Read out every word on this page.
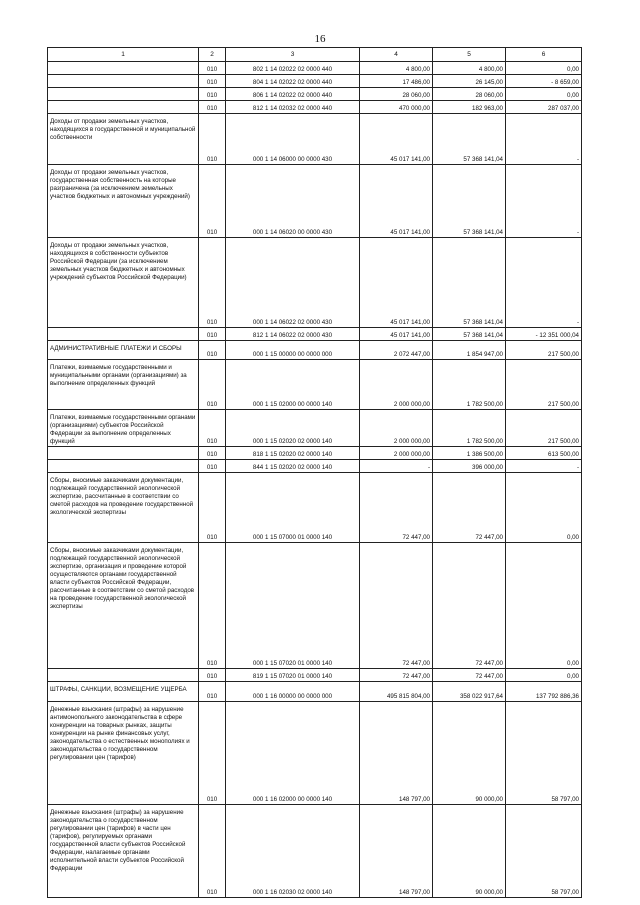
16
1	2	3	4	5	6
	010	802 1 14 02022 02 0000 440	4 800,00	4 800,00	0,00
	010	804 1 14 02022 02 0000 440	17 486,00	26 145,00	- 8 659,00
	010	806 1 14 02022 02 0000 440	28 060,00	28 060,00	0,00
	010	812 1 14 02032 02 0000 440	470 000,00	182 963,00	287 037,00
Доходы от продажи земельных участков, находящихся в государственной и муниципальной собственности	010	000 1 14 06000 00 0000 430	45 017 141,00	57 368 141,04	-
Доходы от продажи земельных участков, государственная собственность на которые разграничена (за исключением земельных участков бюджетных и автономных учреждений)	010	000 1 14 06020 00 0000 430	45 017 141,00	57 368 141,04	-
Доходы от продажи земельных участков, находящихся в собственности субъектов Российской Федерации (за исключением земельных участков бюджетных и автономных учреждений субъектов Российской Федерации)	010	000 1 14 06022 02 0000 430	45 017 141,00	57 368 141,04	-
	010	812 1 14 06022 02 0000 430	45 017 141,00	57 368 141,04	- 12 351 000,04
АДМИНИСТРАТИВНЫЕ ПЛАТЕЖИ И СБОРЫ	010	000 1 15 00000 00 0000 000	2 072 447,00	1 854 947,00	217 500,00
Платежи, взимаемые государственными и муниципальными органами (организациями) за выполнение определенных функций	010	000 1 15 02000 00 0000 140	2 000 000,00	1 782 500,00	217 500,00
Платежи, взимаемые государственными органами (организациями) субъектов Российской Федерации за выполнение определенных функций	010	000 1 15 02020 02 0000 140	2 000 000,00	1 782 500,00	217 500,00
	010	818 1 15 02020 02 0000 140	2 000 000,00	1 386 500,00	613 500,00
	010	844 1 15 02020 02 0000 140	-	396 000,00	-
Сборы, вносимые заказчиками документации, подлежащей государственной экологической экспертизе, рассчитанные в соответствии со сметой расходов на проведение государственной экологической экспертизы	010	000 1 15 07000 01 0000 140	72 447,00	72 447,00	0,00
Сборы, вносимые заказчиками документации, подлежащей государственной экологической экспертизе, организация и проведение которой осуществляются органами государственной власти субъектов Российской Федерации, рассчитанные в соответствии со сметой расходов на проведение государственной экологической экспертизы	010	000 1 15 07020 01 0000 140	72 447,00	72 447,00	0,00
	010	819 1 15 07020 01 0000 140	72 447,00	72 447,00	0,00
ШТРАФЫ, САНКЦИИ, ВОЗМЕЩЕНИЕ УЩЕРБА	010	000 1 16 00000 00 0000 000	495 815 804,00	358 022 917,64	137 792 886,36
Денежные взыскания (штрафы) за нарушение антимонопольного законодательства в сфере конкуренции на товарных рынках, защиты конкуренции на рынке финансовых услуг, законодательства о естественных монополиях и законодательства о государственном регулировании цен (тарифов)	010	000 1 16 02000 00 0000 140	148 797,00	90 000,00	58 797,00
Денежные взыскания (штрафы) за нарушение законодательства о государственном регулировании цен (тарифов) в части цен (тарифов), регулируемых органами государственной власти субъектов Российской Федерации, налагаемые органами исполнительной власти субъектов Российской Федерации	010	000 1 16 02030 02 0000 140	148 797,00	90 000,00	58 797,00
